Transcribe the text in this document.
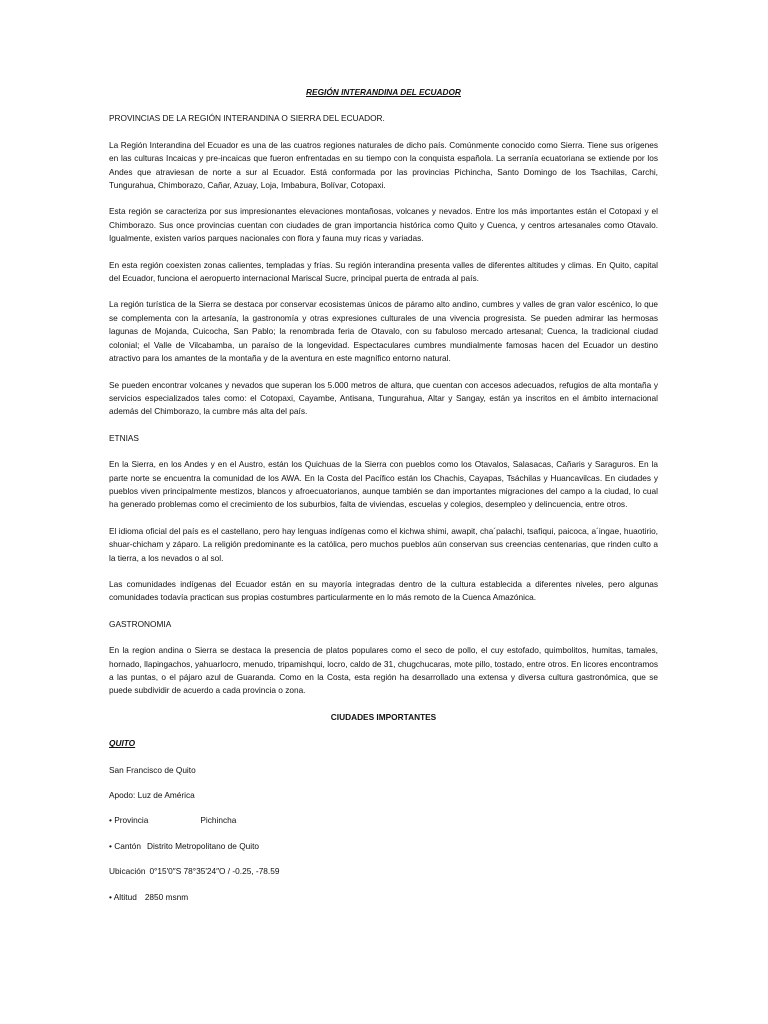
REGIÓN INTERANDINA DEL ECUADOR

PROVINCIAS DE LA REGIÓN INTERANDINA O SIERRA DEL ECUADOR.

La Región Interandina del Ecuador es una de las cuatros regiones naturales de dicho país. Comúnmente conocido como Sierra. Tiene sus orígenes en las culturas Incaicas y pre-incaicas que fueron enfrentadas en su tiempo con la conquista española. La serranía ecuatoriana se extiende por los Andes que atraviesan de norte a sur al Ecuador. Está conformada por las provincias Pichincha, Santo Domingo de los Tsachilas, Carchi, Tungurahua, Chimborazo, Cañar, Azuay, Loja, Imbabura, Bolívar, Cotopaxi.

Esta región se caracteriza por sus impresionantes elevaciones montañosas, volcanes y nevados. Entre los más importantes están el Cotopaxi y el Chimborazo. Sus once provincias cuentan con ciudades de gran importancia histórica como Quito y Cuenca, y centros artesanales como Otavalo. Igualmente, existen varios parques nacionales con flora y fauna muy ricas y variadas.

En esta región coexisten zonas calientes, templadas y frías. Su región interandina presenta valles de diferentes altitudes y climas. En Quito, capital del Ecuador, funciona el aeropuerto internacional Mariscal Sucre, principal puerta de entrada al país.

La región turística de la Sierra se destaca por conservar ecosistemas únicos de páramo alto andino, cumbres y valles de gran valor escénico, lo que se complementa con la artesanía, la gastronomía y otras expresiones culturales de una vivencia progresista. Se pueden admirar las hermosas lagunas de Mojanda, Cuicocha, San Pablo; la renombrada feria de Otavalo, con su fabuloso mercado artesanal; Cuenca, la tradicional ciudad colonial; el Valle de Vilcabamba, un paraíso de la longevidad. Espectaculares cumbres mundialmente famosas hacen del Ecuador un destino atractivo para los amantes de la montaña y de la aventura en este magnífico entorno natural.

Se pueden encontrar volcanes y nevados que superan los 5.000 metros de altura, que cuentan con accesos adecuados, refugios de alta montaña y servicios especializados tales como: el Cotopaxi, Cayambe, Antisana, Tungurahua, Altar y Sangay, están ya inscritos en el ámbito internacional además del Chimborazo, la cumbre más alta del país.

ETNIAS

En la Sierra, en los Andes y en el Austro, están los Quichuas de la Sierra con pueblos como los Otavalos, Salasacas, Cañaris y Saraguros. En la parte norte se encuentra la comunidad de los AWA. En la Costa del Pacífico están los Chachis, Cayapas, Tsáchilas y Huancavilcas. En ciudades y pueblos viven principalmente mestizos, blancos y afroecuatorianos, aunque también se dan importantes migraciones del campo a la ciudad, lo cual ha generado problemas como el crecimiento de los suburbios, falta de viviendas, escuelas y colegios, desempleo y delincuencia, entre otros.

El idioma oficial del país es el castellano, pero hay lenguas indígenas como el kichwa shimi, awapit, cha´palachi, tsafiqui, paicoca, a´ingae, huaotirio, shuar-chicham y záparo. La religión predominante es la católica, pero muchos pueblos aún conservan sus creencias centenarias, que rinden culto a la tierra, a los nevados o al sol.

Las comunidades indígenas del Ecuador están en su mayoría integradas dentro de la cultura establecida a diferentes niveles, pero algunas comunidades todavía practican sus propias costumbres particularmente en lo más remoto de la Cuenca Amazónica.

GASTRONOMIA

En la region andina o Sierra se destaca la presencia de platos populares como el seco de pollo, el cuy estofado, quimbolitos, humitas, tamales, hornado, llapingachos, yahuarlocro, menudo, tripamishqui, locro, caldo de 31, chugchucaras, mote pillo, tostado, entre otros. En licores encontramos a las puntas, o el pájaro azul de Guaranda. Como en la Costa, esta región ha desarrollado una extensa y diversa cultura gastronómica, que se puede subdividir de acuerdo a cada provincia o zona.

CIUDADES IMPORTANTES

QUITO

San Francisco de Quito

Apodo: Luz de América

• Provincia	Pichincha

• Cantón Distrito Metropolitano de Quito

Ubicación 0°15′0″S 78°35′24″O / -0.25, -78.59

• Altitud 2850 msnm
